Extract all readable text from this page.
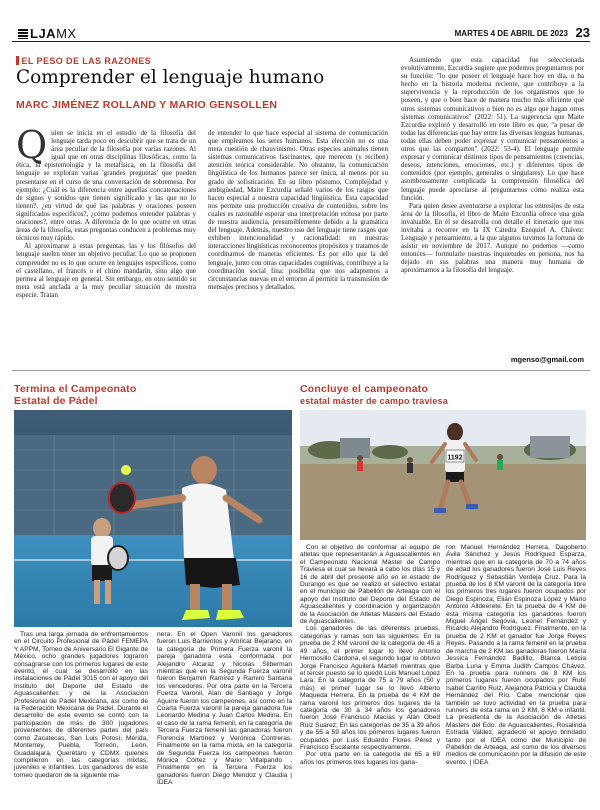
LJAMX	MARTES 4 DE ABRIL DE 2023 23
EL PESO DE LAS RAZONES
Comprender el lenguaje humano
MARC JIMÉNEZ ROLLAND Y MARIO GENSOLLEN

Quien se inicia en el estudio de la filosofía del lenguaje tarda poco en descubrir que se trata de un área peculiar de la filosofía por varias razones. Al igual que en otras disciplinas filosóficas, como la ética, la epistemología y la metafísica, en la filosofía del lenguaje se exploran varias 'grandes preguntas' que pueden presentarse en el curso de una conversación de sobremesa. Por ejemplo: ¿Cuál es la diferencia entre aquellas concatenaciones de signos y sonidos que tienen significado y las que no lo tienen?, ¿en virtud de qué las palabras y oraciones poseen significados específicos?, ¿cómo podemos entender palabras y oraciones?, entre otras. A diferencia de lo que ocurre en otras áreas de la filosofía, estas preguntas conducen a problemas muy técnicos muy rápido.

Al aproximarse a estas preguntas, las y los filósofos del lenguaje suelen tener un objetivo peculiar. Lo que se proponen comprender no es lo que ocurre en lenguajes específicos, como el castellano, el francés o el chino mandarín, sino algo que permea al lenguaje en general. Sin embargo, en otro sentido su meta está anclada a la muy peculiar situación de nuestra especie. Tratan

de entender lo que hace especial al sistema de comunicación que empleamos los seres humanos. Esta elección no es una mera cuestión de chauvinismo. Otras especies animales tienen sistemas comunicativos fascinantes, que merecen (y reciben) atención teórica considerable. No obstante, la comunicación lingüística de los humanos parece ser única, al menos por su grado de sofisticación. En su libro pòstumo, Complejidad y ambigüedad, Maite Ezcurdia señaló varios de los rasgos que hacen especial a nuestra capacidad lingüística. Esta capacidad nos permite una producción creativa de contenidos, sobre los cuales es razonable esperar una interpretación exitosa por parte de nuestra audiencia, presumiblemente debido a la gramática del lenguaje. Además, nuestro uso del lenguaje tiene rasgos que exhiben intencionalidad y racionalidad: en nuestras interacciones lingüísticas reconocemos propósitos y tratamos de coordinarnos de maneras eficientes. Es por ello que la del lenguaje, junto con otras capacidades cognitivas, contribuye a la coordinación social fina: posibilita que nos adaptemos a circunstancias nuevas en el entorno al permitir la transmisión de mensajes precisos y detallados.

Asumiendo que esta capacidad fue seleccionada evolutivamente, Ezcurdia sugiere que podemos preguntarnos por su función: "lo que poseer el lenguaje hace hoy en día, o ha hecho en la historia moderna reciente, que contribuye a la supervivencia y la reproducción de los organismos que lo poseen, y que o bien hace de manera mucho más eficiente que otros sistemas comunicativos o bien no es algo que hagan otros sistemas comunicativos" (2022: 51). La sugerencia que Maite Ezcurdia exploró y desarrolló en este libro es que, "a pesar de todas las diferencias que hay entre las diversas lenguas humanas, todas ellas deben poder expresar y comunicar pensamientos a otros que las comparten" (2022: 53-4). El lenguaje permite expresar y comunicar distintos tipos de pensamientos (creencias, deseos, intenciones, emociones, etc.) y diferentes tipos de contenidos (por ejemplo, generales o singulares). Lo que hace asombrosamente complicada la comprensión filosófica del lenguaje puede apreciarse al preguntarnos cómo realiza esta función.

Para quien desee aventurarse a explorar los entresijos de esta área de la filosofía, el libro de Maite Ezcurdia ofrece una guía invaluable. En él se desarrolla con detalle el itinerario que nos invitaba a recorrer en la IX Cátedra Ezequiel A. Chávez: Lenguaje y pensamiento, a la que algunos tuvimos la fortuna de asistir en noviembre de 2017. Aunque no podemos —como entonces— formularle nuestras inquietudes en persona, nos ha dejado en sus palabras una manera muy humana de aproximarnos a la filosofía del lenguaje.

mgenso@gmail.com
Termina el Campeonato
Estatal de Pádel

Tras una larga jornada de enfrentamientos en el Circuito Profesional de Pádel FEMEPA Y APPM, Torneo de Aniversario El Gigante de México, ocho grandes jugadores lograron consagrarse con los primeros lugares de este evento, el cual se desarrolló en las instalaciones de Pádel 3015 con el apoyo del Instituto del Deporte del Estado de Aguascalientes y de la Asociación Profesional de Pádel Mexicana, así como de la Federación Mexicana de Pádel. Durante el desarrollo de este evento se contó con la participación de más de 300 jugadores provenientes de diferentes partes del país como Zacatecas, San Luis Potosí, Mérida, Monterrey, Puebla, Torreón, León, Guadalajara, Querétaro y CDMX quienes compitieron en las categorías mixtas, juveniles e infantiles. Los ganadores de este torneo quedaron de la siguiente ma-

nera: En el Open Varonil los ganadores fueron Luis Barrientos y Amílcar Bejarano, en la categoría de Primera Fuerza varonil la pareja ganadora está conformada por Alejandro Alcaraz y Nicolás Silberman mientras que en la Segunda Fuerza varonil fueron Benjamín Ramírez y Ramiro Santana los vencedores. Por otra parte en la Tercera Fuerza Varonil, Alan de Santiago y Jorge Aguirre fueron los campeones, así como en la Cuarta Fuerza varonil la pareja ganadora fue Leonardo Medina y Juan Carlos Medina. En el caso de la rama femenil, en la categoría de Tercera Fuerza femenil las ganadoras fueron Florencia Martínez y Verónica Contreras. Finalmente en la rama mixta, en la categoría de Segunda Fuerza los campeones fueron Mónica Córtez y Mario Villalpando . Finalmente en la Tercera Fuerza los ganadores fueron Diego Mendoz y Claudia | IDEA

Concluye el campeonato
estatal máster de campo traviesa
1192

Con el objetivo de conformar al equipo de atletas que representarán a Aguascalientes en el Campeonato Nacional Máster de Campo Traviesa el cual se llevará a cabo los días 15 y 16 de abril del presente año en el estado de Durango es que se realizó el selectivo estatal en el municipio de Pabellón de Arteaga con el apoyo del Instituto del Deporte del Estado de Aguascalientes y coordinación y organización de la Asociación de Atletas Masters del Estado de Aguascalientes.

Los ganadores de las diferentes pruebas, categorías y ramas son las siguientes: En la prueba de 2 KM varonil de la categoría de 45 a 49 años, el primer lugar lo llevó Antonio Hermosillo Cardona, el segundo lugar lo obtuvo Jorge Francisco Aguilera Martell mientras que el tercer puesto se lo quedó Luis Manuel López Lara. En la categoría de 75 a 79 años (50 y más) el primer lugar se lo llevó Alberto Maqueda Herrera. En la prueba de 4 KM de rama varonil los primeros dos lugares de la categoría de 30 a 34 años los ganadores fueron José Francisco Macías y Alán Obed Ruiz Suárez; En las categorías de 35 a 39 años y de 55 a 59 años los primeros lugares fueron ocupados por Luis Eduardo Flores Pérez y Francisco Escalante respectivamente.

Por otra parte en la categoría de 65 a 69 años los primeros tres lugares los gana-

ron Manuel Hernández Herrera, Dagoberto Ávila Sánchez y Jesús Rodríguez Esparza, mientras que en la categoría de 70 a 74 años de edad los ganadores fueron José Luis Reyes Rodríguez y Sebastián Verdeja Cruz. Para la prueba de los 8 KM varonil de la categoría libre los primeros tres lugares fueron ocupados por Diego Espinoza, Elián Espinoza López y Mario Antonio Alldeerete. En la prueba de 4 KM de esta misma categoría los ganadores fueron Miguel Ángel Segovia, Leonel Fernández y Ricardo Alejandro Rodríguez. Finalmente, en la prueba de 2 KM el ganador fue Jorge Reyes Reyes. Pasando a la rama femenil en la prueba de marcha de 2 KM las ganadoras fueron María Jessica Fernández Badillo, Blanca Leticia Barba Luna y Emma Judith Campos Chávez. En la prueba para runners de 8 KM los primeros lugares fueron ocupados por Rubí Isabel Carrillo Ruiz, Alejandra Patricia y Claudia Hernández del Río. Cabe mencionar que también se tuvo actividad en la prueba para runners de esta rama en 2 KM, 8 KM e infantil. La presidenta de la Asociación de Atletas Masters del Edo. de Aguascalientes, Rosalinda Estrada Valdez, agradeció el apoyo brindado tanto por el IDEA como del Municipio de Pabellón de Arteaga, así como de los diversos medios de comunicación por la difusión de este evento. | IDEA
